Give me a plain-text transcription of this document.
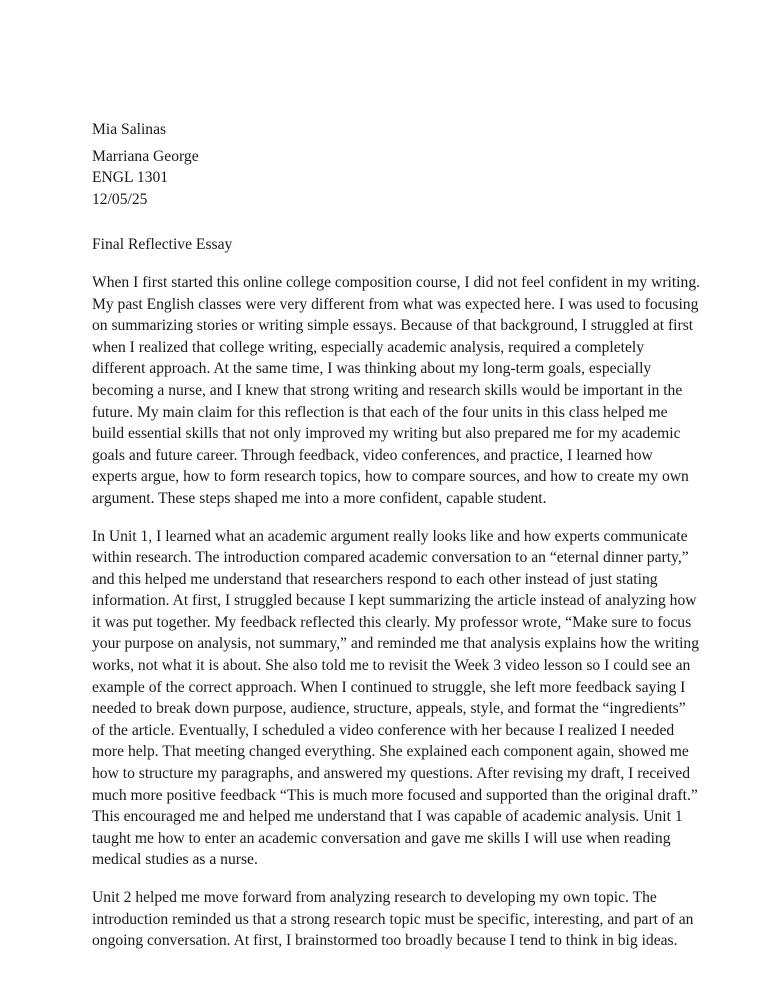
Mia Salinas
Marriana George
ENGL 1301
12/05/25
Final Reflective Essay
When I first started this online college composition course, I did not feel confident in my writing.
My past English classes were very different from what was expected here. I was used to focusing
on summarizing stories or writing simple essays. Because of that background, I struggled at first
when I realized that college writing, especially academic analysis, required a completely
different approach. At the same time, I was thinking about my long-term goals, especially
becoming a nurse, and I knew that strong writing and research skills would be important in the
future. My main claim for this reflection is that each of the four units in this class helped me
build essential skills that not only improved my writing but also prepared me for my academic
goals and future career. Through feedback, video conferences, and practice, I learned how
experts argue, how to form research topics, how to compare sources, and how to create my own
argument. These steps shaped me into a more confident, capable student.
In Unit 1, I learned what an academic argument really looks like and how experts communicate
within research. The introduction compared academic conversation to an “eternal dinner party,”
and this helped me understand that researchers respond to each other instead of just stating
information. At first, I struggled because I kept summarizing the article instead of analyzing how
it was put together. My feedback reflected this clearly. My professor wrote, “Make sure to focus
your purpose on analysis, not summary,” and reminded me that analysis explains how the writing
works, not what it is about. She also told me to revisit the Week 3 video lesson so I could see an
example of the correct approach. When I continued to struggle, she left more feedback saying I
needed to break down purpose, audience, structure, appeals, style, and format the “ingredients”
of the article. Eventually, I scheduled a video conference with her because I realized I needed
more help. That meeting changed everything. She explained each component again, showed me
how to structure my paragraphs, and answered my questions. After revising my draft, I received
much more positive feedback “This is much more focused and supported than the original draft.”
This encouraged me and helped me understand that I was capable of academic analysis. Unit 1
taught me how to enter an academic conversation and gave me skills I will use when reading
medical studies as a nurse.
Unit 2 helped me move forward from analyzing research to developing my own topic. The
introduction reminded us that a strong research topic must be specific, interesting, and part of an
ongoing conversation. At first, I brainstormed too broadly because I tend to think in big ideas.
